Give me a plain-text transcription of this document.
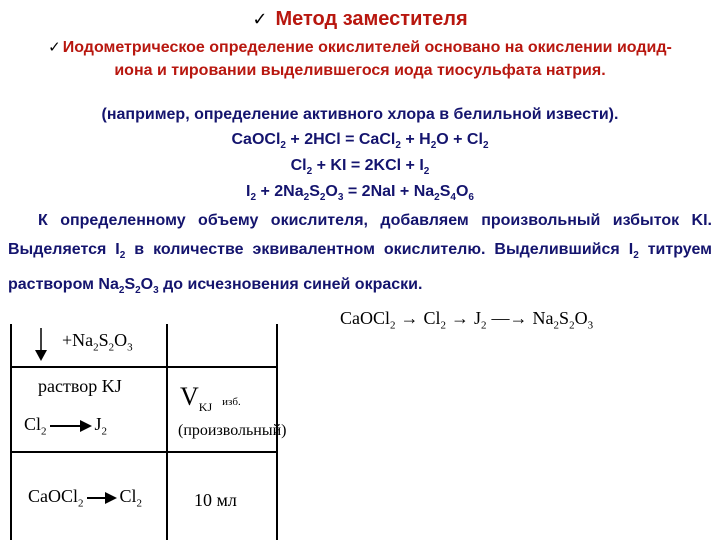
✓ Метод заместителя
✓ Иодометрическое определение окислителей основано на окислении иодид-иона и тировании выделившегося иода тиосульфата натрия.
(например, определение активного хлора в белильной извести).
CaOCl$_2$ + 2HCl = CaCl$_2$ + $H_2O + Cl_2$
$Cl_2$ + KI = $2KCl + I_2$
$I_2 + 2Na_2S_2O_3 = 2NaI + Na_2S_4O_6$
К определенному объему окислителя, добавляем произвольный избыток KI. Выделяется $I_2$ в количестве эквивалентном окислителю. Выделившийся $I_2$ титруем раствором $Na_2S_2O_3$ до исчезновения синей окраски.
CaOCl$_2$ → $Cl_2 \to J_2$ —→ $Na_2S_2O_3$
$+Na_2S_2O_3$
раствор KJ
$Cl_2$	$J_2$
$V_{KJ}$ изб.
(произвольный)
CaOCl$_2$ $Cl_2$	10 мл
